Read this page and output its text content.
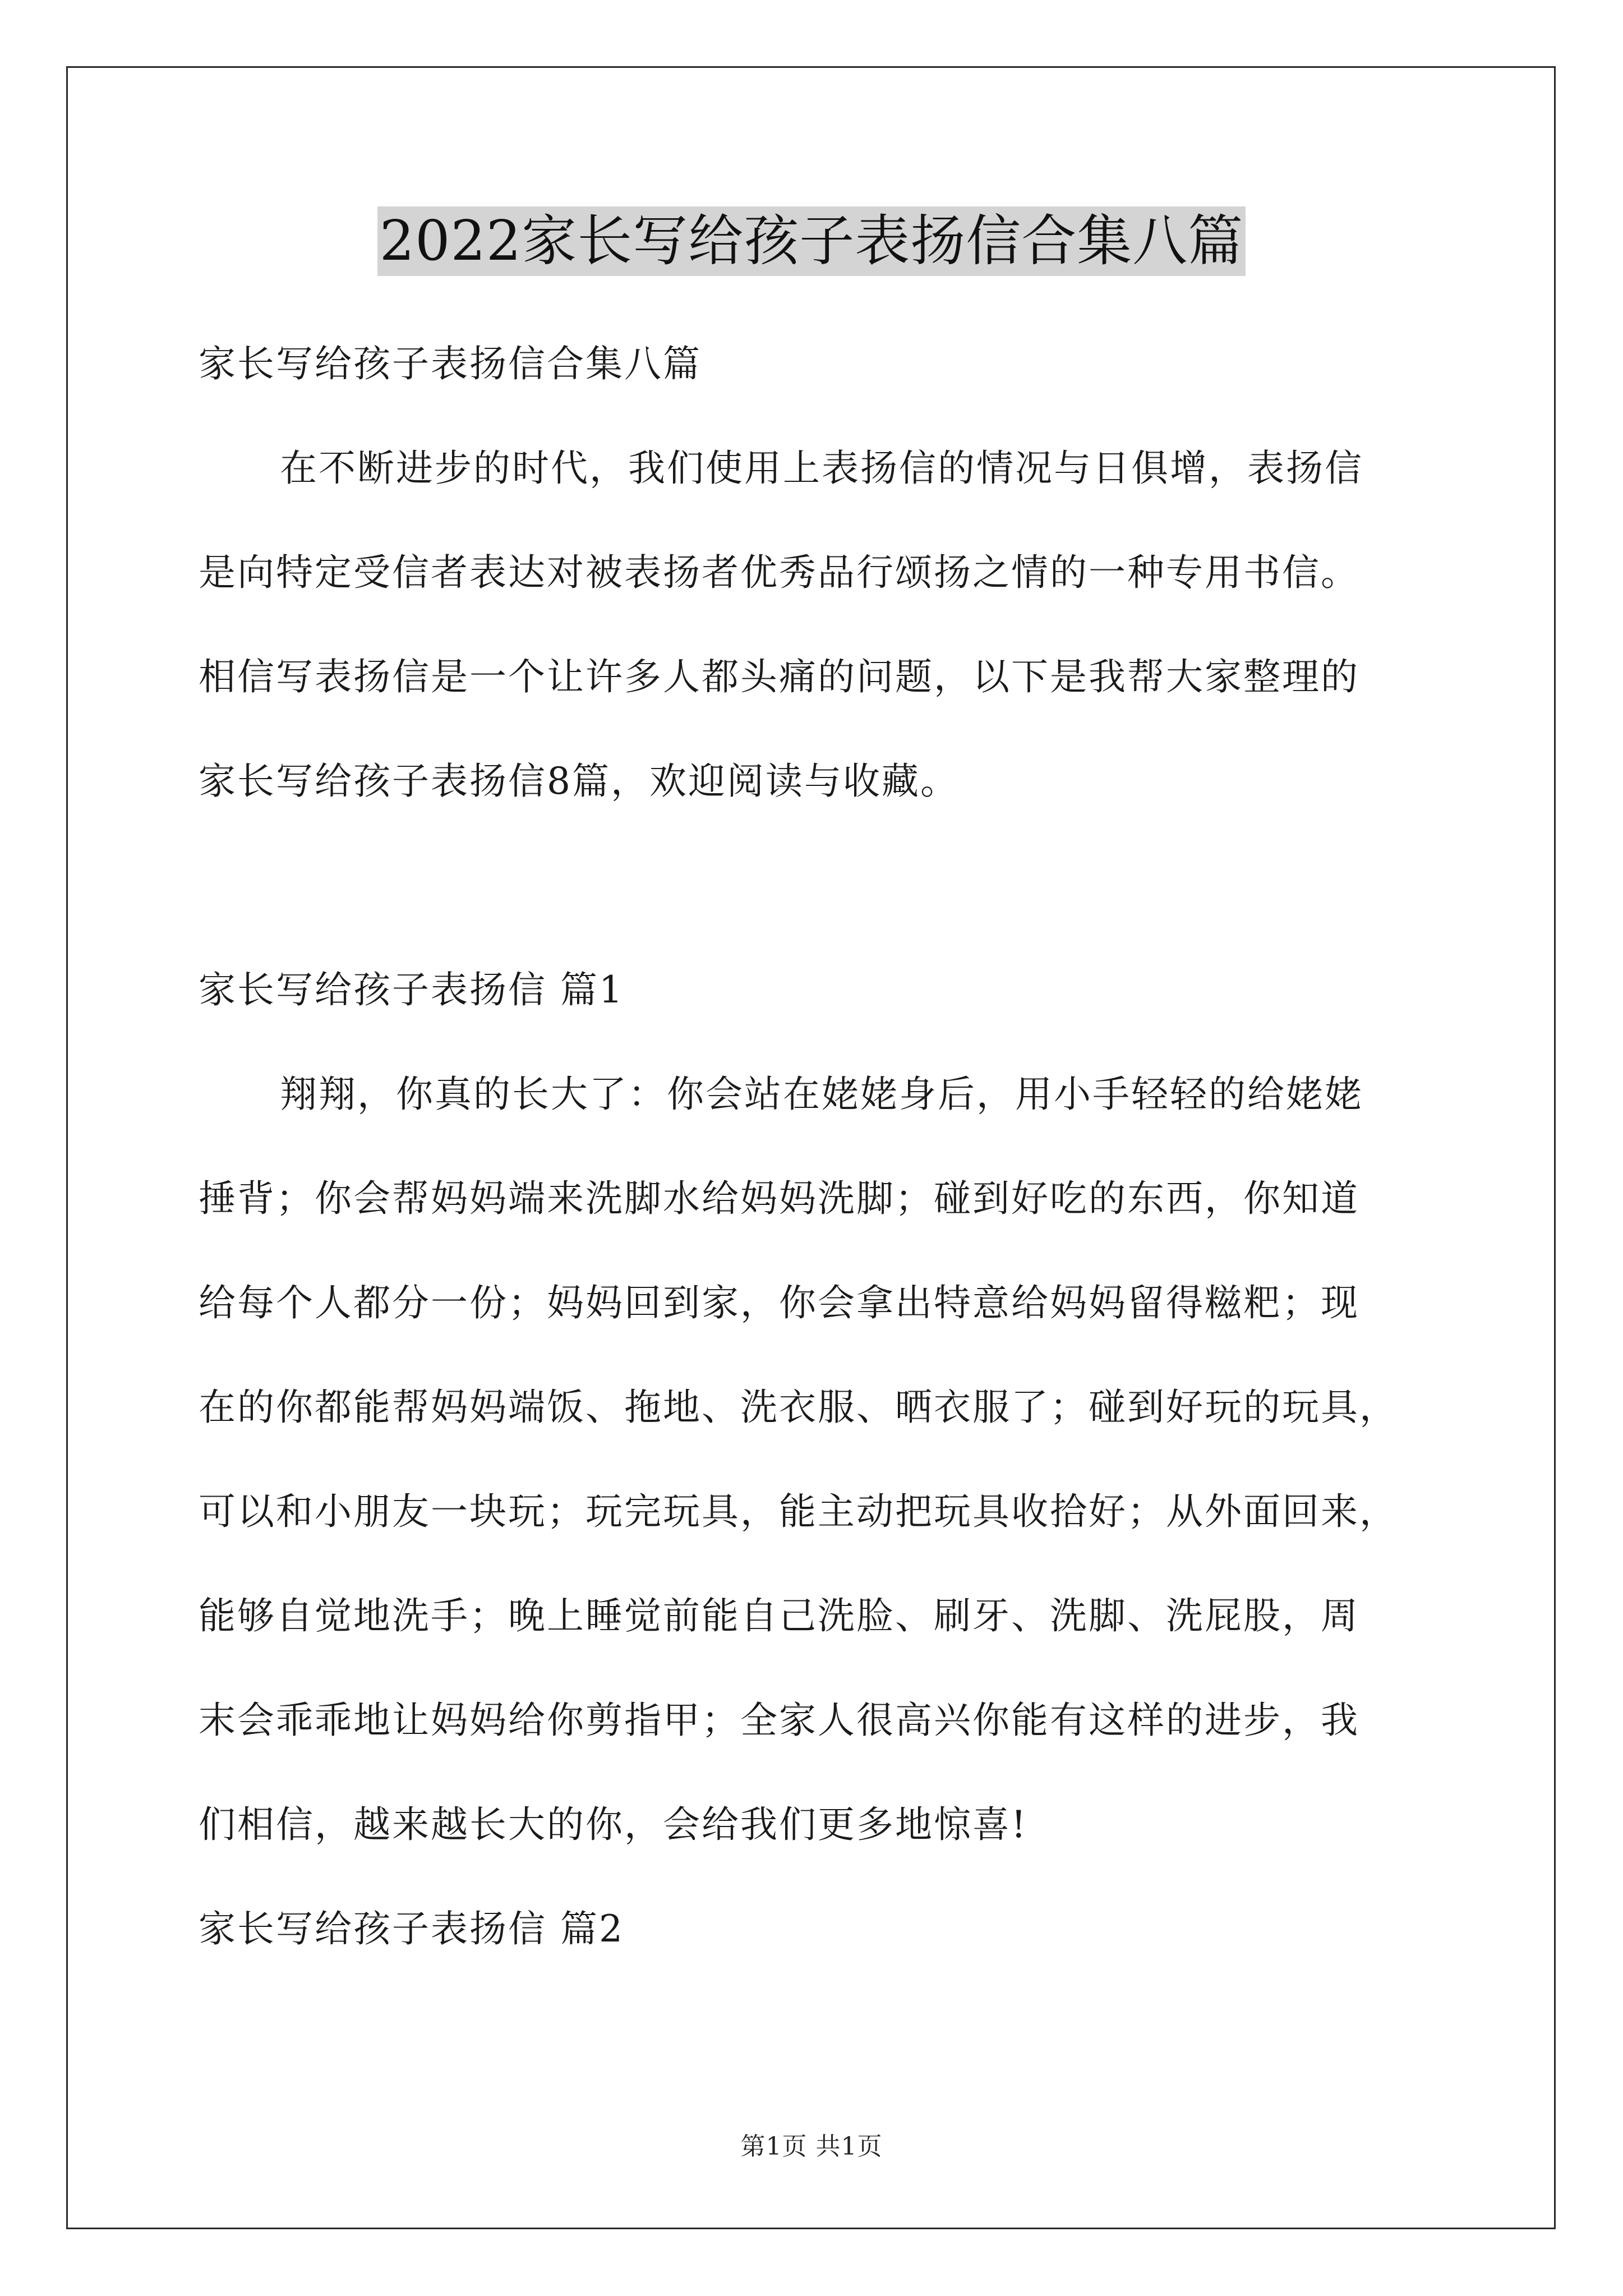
2022家长写给孩子表扬信合集八篇
家长写给孩子表扬信合集八篇
在不断进步的时代，我们使用上表扬信的情况与日俱增，表扬信
是向特定受信者表达对被表扬者优秀品行颂扬之情的一种专用书信。
相信写表扬信是一个让许多人都头痛的问题，以下是我帮大家整理的
家长写给孩子表扬信8篇，欢迎阅读与收藏。
家长写给孩子表扬信 篇1
翔翔，你真的长大了：你会站在姥姥身后，用小手轻轻的给姥姥
捶背；你会帮妈妈端来洗脚水给妈妈洗脚；碰到好吃的东西，你知道
给每个人都分一份；妈妈回到家，你会拿出特意给妈妈留得糍粑；现
在的你都能帮妈妈端饭、拖地、洗衣服、晒衣服了；碰到好玩的玩具，
可以和小朋友一块玩；玩完玩具，能主动把玩具收拾好；从外面回来，
能够自觉地洗手；晚上睡觉前能自己洗脸、刷牙、洗脚、洗屁股，周
末会乖乖地让妈妈给你剪指甲；全家人很高兴你能有这样的进步，我
们相信，越来越长大的你，会给我们更多地惊喜!
家长写给孩子表扬信 篇2
第1页 共1页
